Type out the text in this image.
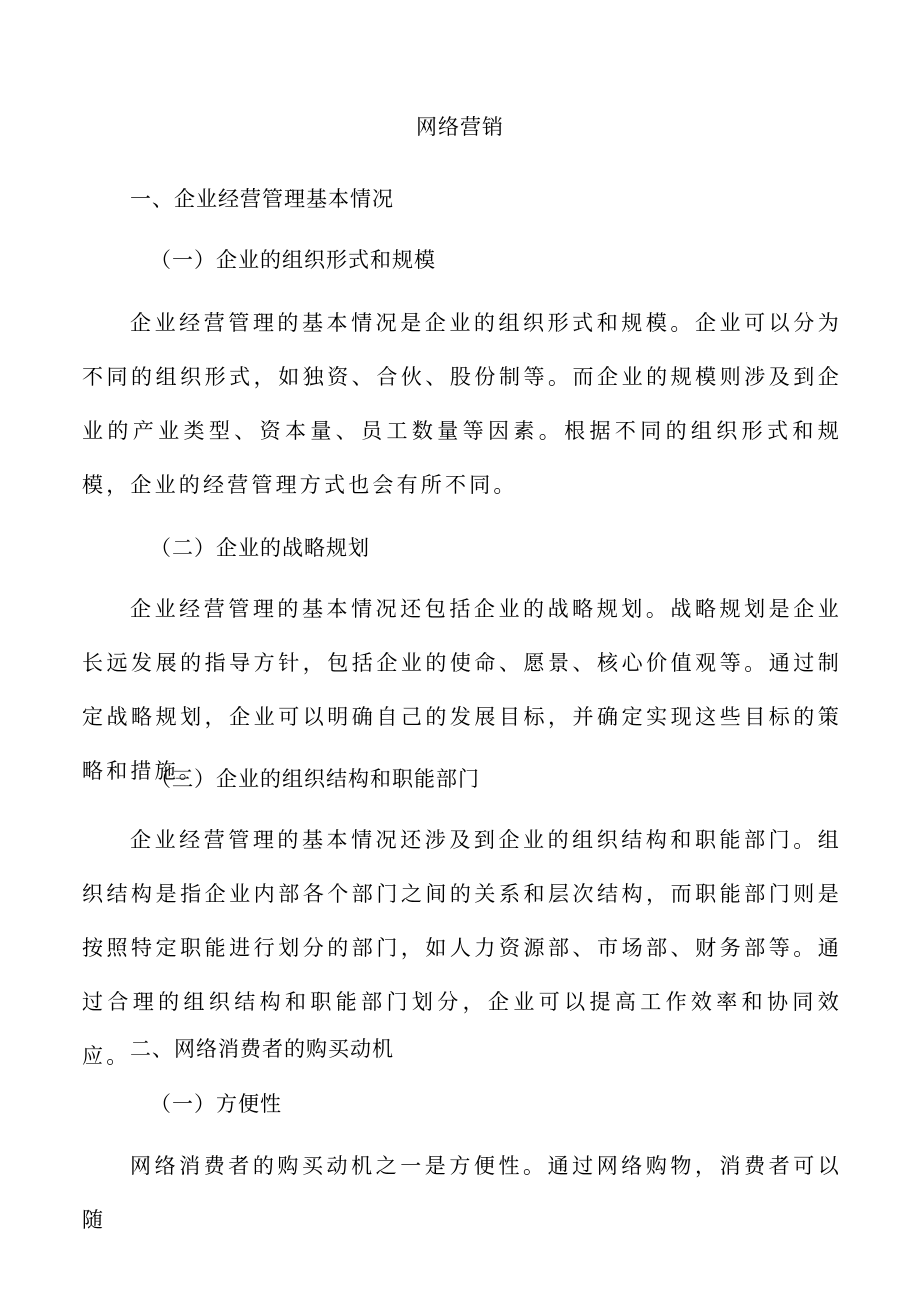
网络营销
一、企业经营管理基本情况
（一）企业的组织形式和规模

企业经营管理的基本情况是企业的组织形式和规模。企业可以分为不同的组织形式，如独资、合伙、股份制等。而企业的规模则涉及到企业的产业类型、资本量、员工数量等因素。根据不同的组织形式和规模，企业的经营管理方式也会有所不同。

（二）企业的战略规划

企业经营管理的基本情况还包括企业的战略规划。战略规划是企业长远发展的指导方针，包括企业的使命、愿景、核心价值观等。通过制定战略规划，企业可以明确自己的发展目标，并确定实现这些目标的策略和措施。

（三）企业的组织结构和职能部门

企业经营管理的基本情况还涉及到企业的组织结构和职能部门。组织结构是指企业内部各个部门之间的关系和层次结构，而职能部门则是按照特定职能进行划分的部门，如人力资源部、市场部、财务部等。通过合理的组织结构和职能部门划分，企业可以提高工作效率和协同效应。 二、网络消费者的购买动机
（一）方便性

网络消费者的购买动机之一是方便性。通过网络购物，消费者可以随
